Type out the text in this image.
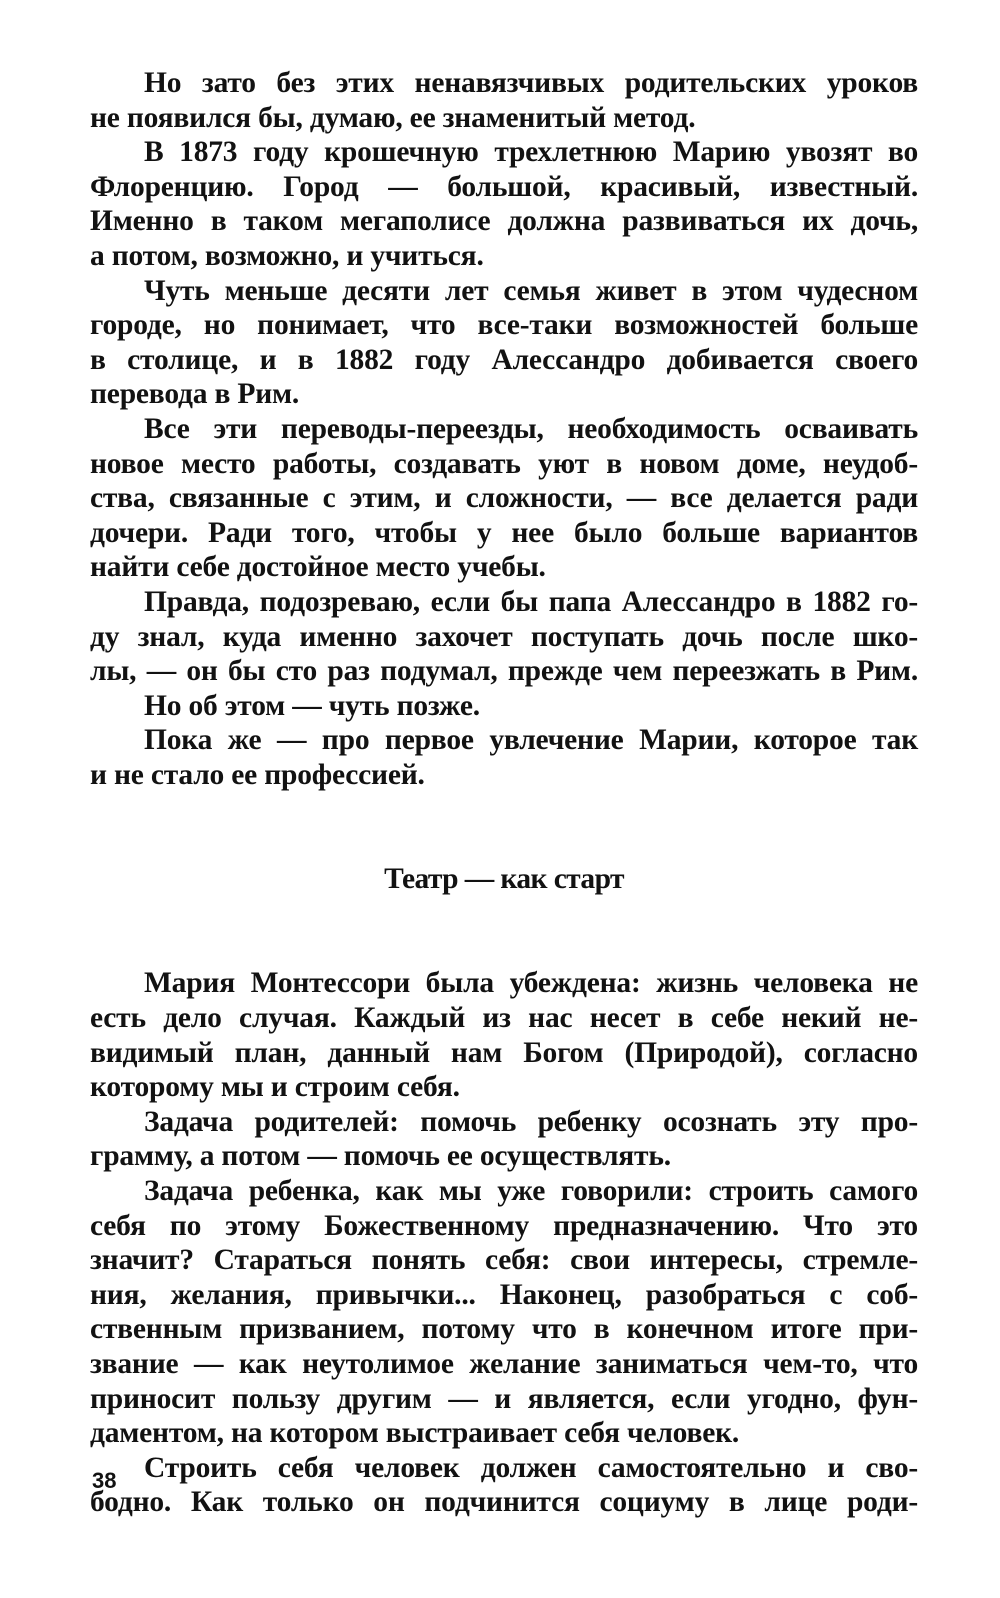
Но зато без этих ненавязчивых родительских уроков
не появился бы, думаю, ее знаменитый метод.
В 1873 году крошечную трехлетнюю Марию увозят во
Флоренцию. Город — большой, красивый, известный.
Именно в таком мегаполисе должна развиваться их дочь,
а потом, возможно, и учиться.
Чуть меньше десяти лет семья живет в этом чудесном
городе, но понимает, что все-таки возможностей больше
в столице, и в 1882 году Алессандро добивается своего
перевода в Рим.
Все эти переводы-переезды, необходимость осваивать
новое место работы, создавать уют в новом доме, неудоб-
ства, связанные с этим, и сложности, — все делается ради
дочери. Ради того, чтобы у нее было больше вариантов
найти себе достойное место учебы.
Правда, подозреваю, если бы папа Алессандро в 1882 го-
ду знал, куда именно захочет поступать дочь после шко-
лы, — он бы сто раз подумал, прежде чем переезжать в Рим.
Но об этом — чуть позже.
Пока же — про первое увлечение Марии, которое так
и не стало ее профессией.
Театр — как старт
Мария Монтессори была убеждена: жизнь человека не
есть дело случая. Каждый из нас несет в себе некий не-
видимый план, данный нам Богом (Природой), согласно
которому мы и строим себя.
Задача родителей: помочь ребенку осознать эту про-
грамму, а потом — помочь ее осуществлять.
Задача ребенка, как мы уже говорили: строить самого
себя по этому Божественному предназначению. Что это
значит? Стараться понять себя: свои интересы, стремле-
ния, желания, привычки... Наконец, разобраться с соб-
ственным призванием, потому что в конечном итоге при-
звание — как неутолимое желание заниматься чем-то, что
приносит пользу другим — и является, если угодно, фун-
даментом, на котором выстраивает себя человек.
Строить себя человек должен самостоятельно и сво-
бодно. Как только он подчинится социуму в лице роди-
38
